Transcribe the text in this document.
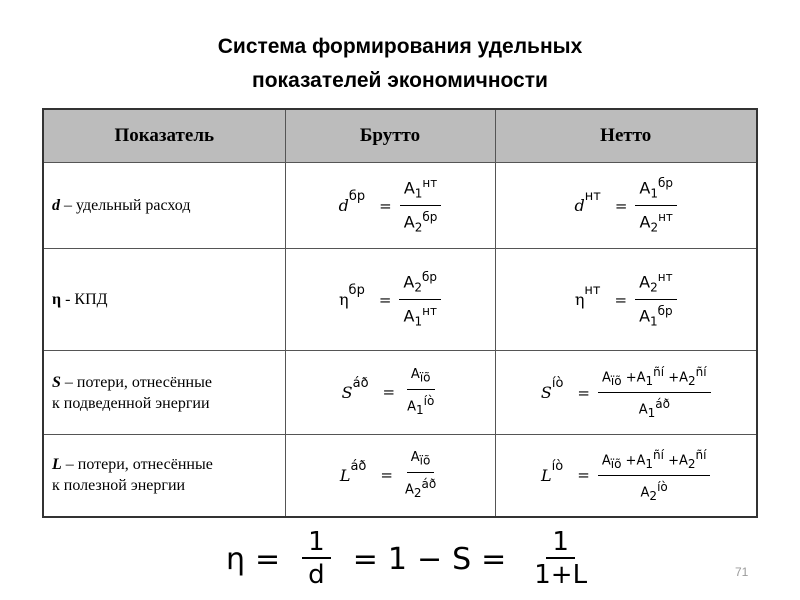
Система формирования удельных
показателей экономичности
Показатель	Брутто	Нетто
d – удельный расход	d бр = $\frac{A_1^{нт}}{A_2^{бр}}$	d нт = $\frac{A_1^{бр}}{A_2^{нт}}$

η - КПД	η бр = $\frac{A_2^{бр}}{A_1^{нт}}$	η нт = $\frac{A_2^{нт}}{A_1^{бр}}$

S – потери, отнесённые
к подведенной энергии	S áð = $\frac{A_{ïõ}}{A_1^{íò}}$	S íò = $\frac{A_{ïõ} +A_1^{ñí} +A_2^{ñí}}{A_1^{áð}}$

L – потери, отнесённые
к полезной энергии	L áð = $\frac{A_{ïõ}}{A_2^{áð}}$	L íò = $\frac{A_{ïõ} +A_1^{ñí} +A_2^{ñí}}{A_2^{íò}}$
$\eta = \frac{1}{d} = 1 - S = \frac{1}{1+L}$	71
